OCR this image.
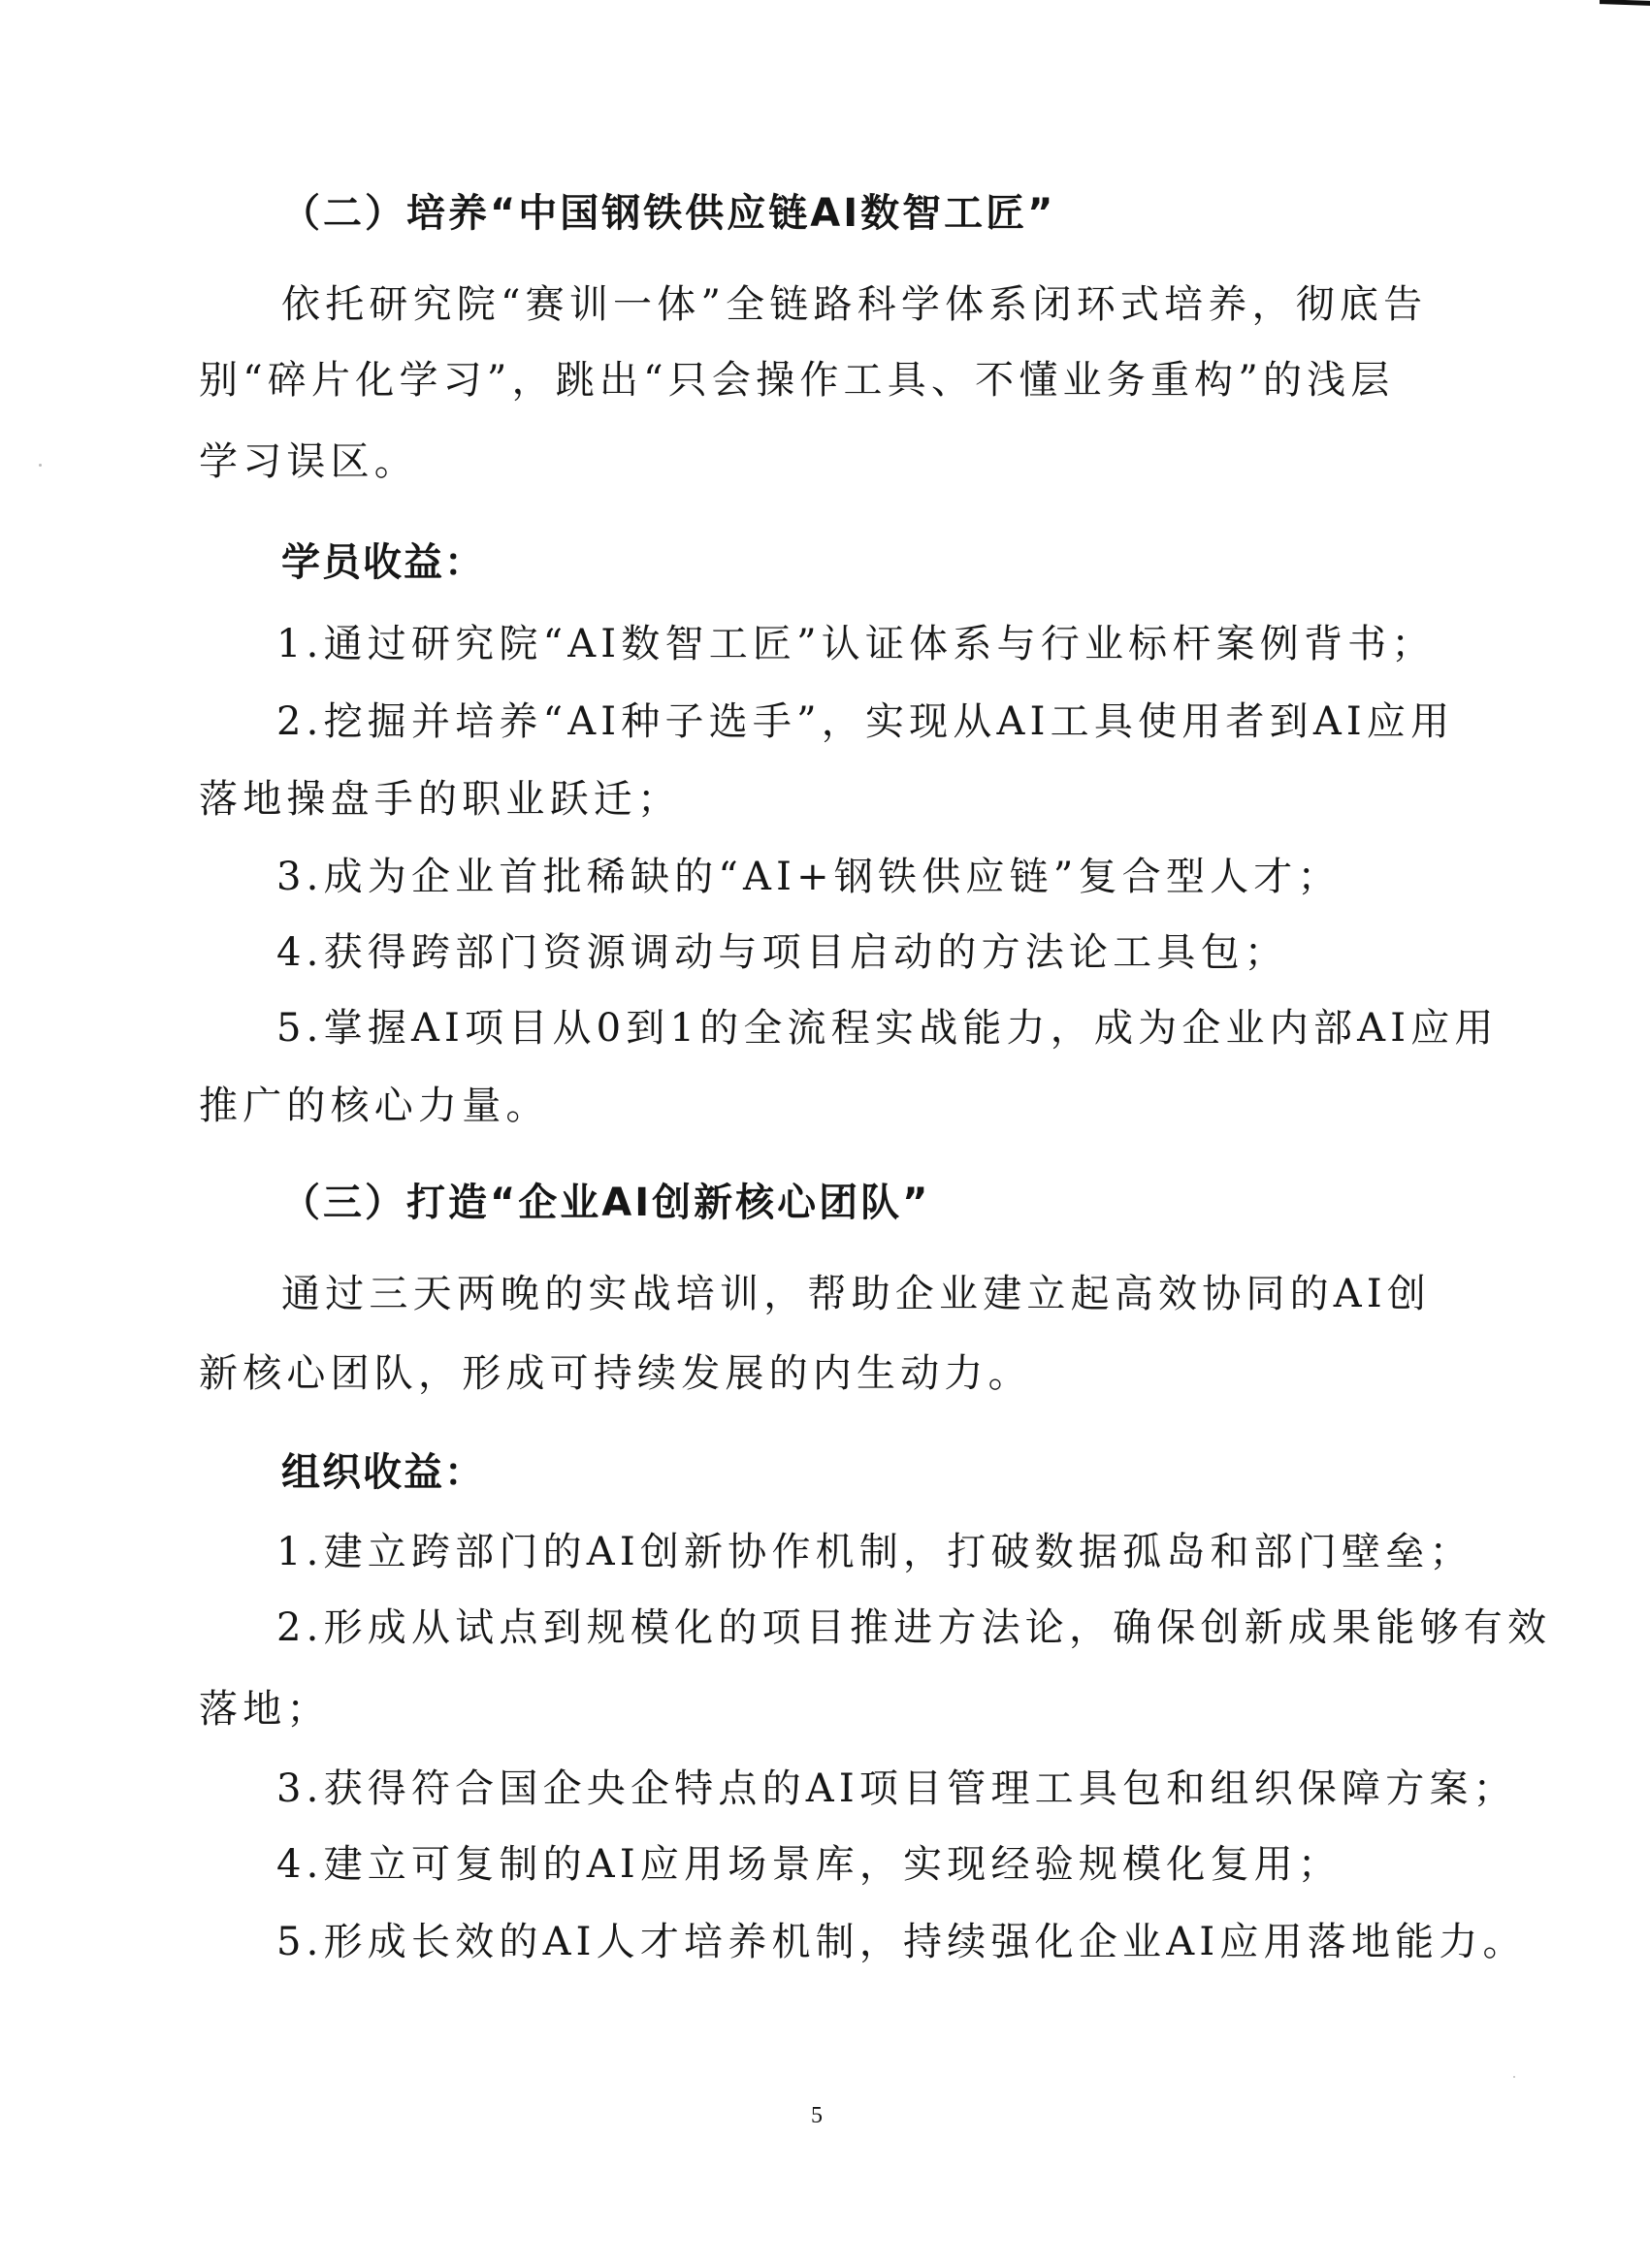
（二）培养“中国钢铁供应链AI数智工匠”
依托研究院“赛训一体”全链路科学体系闭环式培养，彻底告
别“碎片化学习”，跳出“只会操作工具、不懂业务重构”的浅层
学习误区。
学员收益：
1.通过研究院“AI数智工匠”认证体系与行业标杆案例背书；
2.挖掘并培养“AI种子选手”，实现从AI工具使用者到AI应用
落地操盘手的职业跃迁；
3.成为企业首批稀缺的“AI+钢铁供应链”复合型人才；
4.获得跨部门资源调动与项目启动的方法论工具包；
5.掌握AI项目从0到1的全流程实战能力，成为企业内部AI应用
推广的核心力量。
（三）打造“企业AI创新核心团队”
通过三天两晚的实战培训，帮助企业建立起高效协同的AI创
新核心团队，形成可持续发展的内生动力。
组织收益：
1.建立跨部门的AI创新协作机制，打破数据孤岛和部门壁垒；
2.形成从试点到规模化的项目推进方法论，确保创新成果能够有效
落地；
3.获得符合国企央企特点的AI项目管理工具包和组织保障方案；
4.建立可复制的AI应用场景库，实现经验规模化复用；
5.形成长效的AI人才培养机制，持续强化企业AI应用落地能力。
5
